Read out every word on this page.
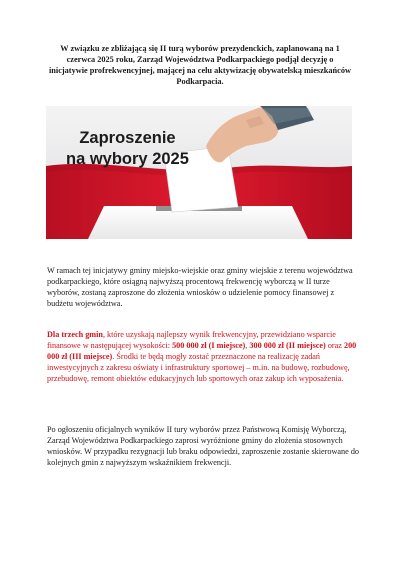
W związku ze zbliżającą się II turą wyborów prezydenckich, zaplanowaną na 1 czerwca 2025 roku, Zarząd Województwa Podkarpackiego podjął decyzję o inicjatywie profrekwencyjnej, mającej na celu aktywizację obywatelską mieszkańców Podkarpacia.
Zaproszenie
na wybory 2025
W ramach tej inicjatywy gminy miejsko-wiejskie oraz gminy wiejskie z terenu województwa podkarpackiego, które osiągną najwyższą procentową frekwencję wyborczą w II turze wyborów, zostaną zaproszone do złożenia wniosków o udzielenie pomocy finansowej z budżetu województwa.
Dla trzech gmin, które uzyskają najlepszy wynik frekwencyjny, przewidziano wsparcie finansowe w następującej wysokości: 500 000 zł (I miejsce), 300 000 zł (II miejsce) oraz 200 000 zł (III miejsce). Środki te będą mogły zostać przeznaczone na realizację zadań inwestycyjnych z zakresu oświaty i infrastruktury sportowej – m.in. na budowę, rozbudowę, przebudowę, remont obiektów edukacyjnych lub sportowych oraz zakup ich wyposażenia.
Po ogłoszeniu oficjalnych wyników II tury wyborów przez Państwową Komisję Wyborczą, Zarząd Województwa Podkarpackiego zaprosi wyróżnione gminy do złożenia stosownych wniosków. W przypadku rezygnacji lub braku odpowiedzi, zaproszenie zostanie skierowane do kolejnych gmin z najwyższym wskaźnikiem frekwencji.
